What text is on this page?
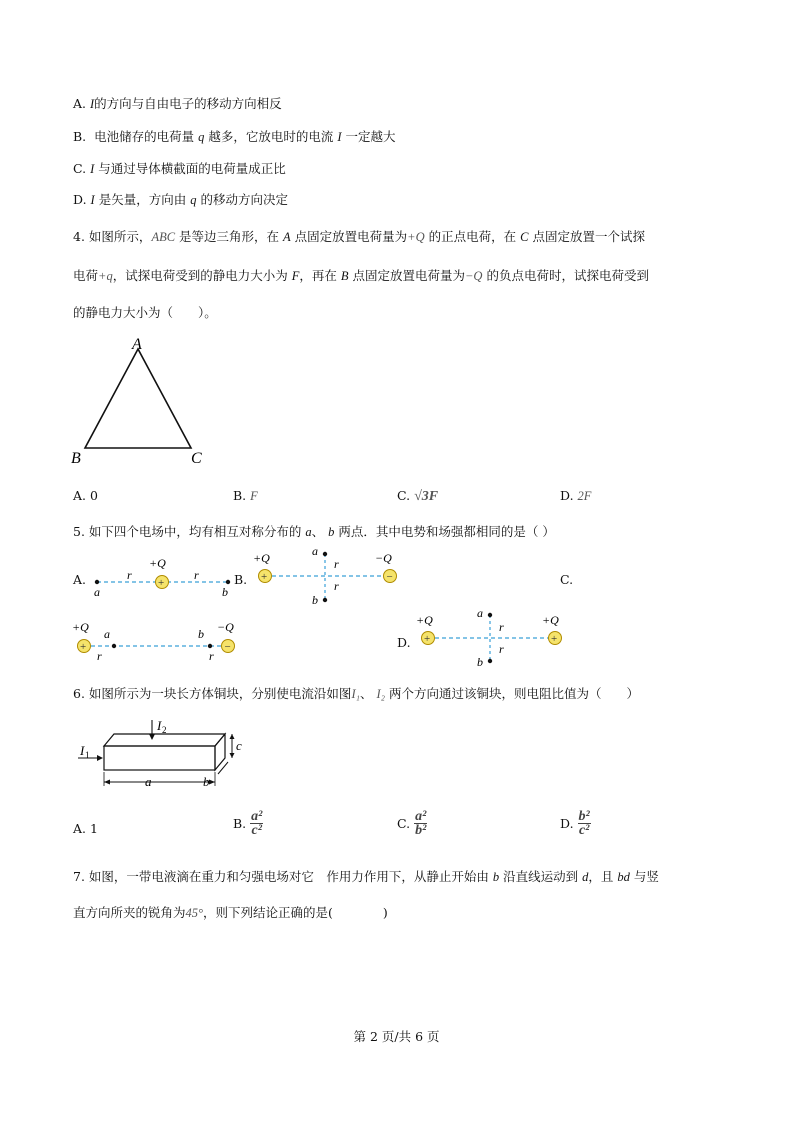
A. I的方向与自由电子的移动方向相反
B. 电池储存的电荷量 q 越多，它放电时的电流 I 一定越大
C. I 与通过导体横截面的电荷量成正比
D. I 是矢量，方向由 q 的移动方向决定
4. 如图所示，ABC 是等边三角形，在 A 点固定放置电荷量为+Q 的正点电荷，在 C 点固定放置一个试探
电荷+q，试探电荷受到的静电力大小为 F，再在 B 点固定放置电荷量为−Q 的负点电荷时，试探电荷受到
的静电力大小为（　　）。
A
B	C
A. 0	B. F	C. √3F	D. 2F
5. 如下四个电场中，均有相互对称分布的 a、 b 两点．其中电势和场强都相同的是（ ）
A.	+
+Q
r	r
a	b
B. +	−
+Q	−Q
a
b
r
r	C.
+	−
+Q	−Q
a	b
r	r
D. +	+
+Q	+Q
a
b
r
r
6. 如图所示为一块长方体铜块，分别使电流沿如图I₁、 I₂ 两个方向通过该铜块，则电阻比值为（　　）
I 1
I 2
a	b
c
A. 1	B. $\frac{\text{a²}}{\text{c²}}$	C. $\frac{\text{a²}}{\text{b²}}$	D. $\frac{\text{b²}}{\text{c²}}$
7. 如图，一带电液滴在重力和匀强电场对它　作用力作用下，从静止开始由 b 沿直线运动到 d，且 bd 与竖
直方向所夹的锐角为45°，则下列结论正确的是(　　　　)
第 2 页/共 6 页
